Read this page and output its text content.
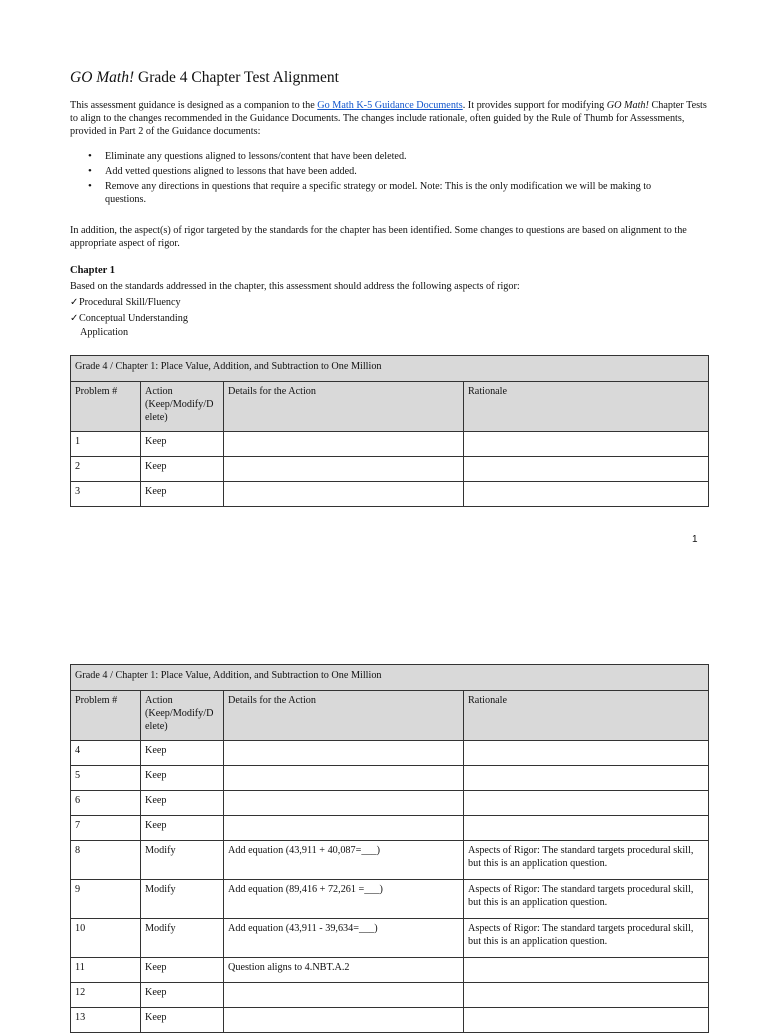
GO Math! Grade 4 Chapter Test Alignment

This assessment guidance is designed as a companion to the Go Math K-5 Guidance Documents. It provides support for modifying GO Math! Chapter Tests to align to the changes recommended in the Guidance Documents. The changes include rationale, often guided by the Rule of Thumb for Assessments, provided in Part 2 of the Guidance documents:

• Eliminate any questions aligned to lessons/content that have been deleted.
• Add vetted questions aligned to lessons that have been added.
• Remove any directions in questions that require a specific strategy or model. Note: This is the only modification we will be making to questions.

In addition, the aspect(s) of rigor targeted by the standards for the chapter has been identified. Some changes to questions are based on alignment to the appropriate aspect of rigor.

Chapter 1

Based on the standards addressed in the chapter, this assessment should address the following aspects of rigor:
✓Procedural Skill/Fluency
✓Conceptual Understanding
Application
Grade 4 / Chapter 1: Place Value, Addition, and Subtraction to One Million			
Problem #	Action
(Keep/Modify/D
elete)	Details for the Action	Rationale
1	Keep		
2	Keep		
3	Keep		
1
Grade 4 / Chapter 1: Place Value, Addition, and Subtraction to One Million			
Problem #	Action
(Keep/Modify/D
elete)	Details for the Action	Rationale
4	Keep		
5	Keep		
6	Keep		
7	Keep		
8	Modify	Add equation (43,911 + 40,087=___)	Aspects of Rigor: The standard targets procedural skill, but this is an application question.
9	Modify	Add equation (89,416 + 72,261 =___)	Aspects of Rigor: The standard targets procedural skill, but this is an application question.
10	Modify	Add equation (43,911 - 39,634=___)	Aspects of Rigor: The standard targets procedural skill, but this is an application question.
11	Keep	Question aligns to 4.NBT.A.2	
12	Keep		
13	Keep		
